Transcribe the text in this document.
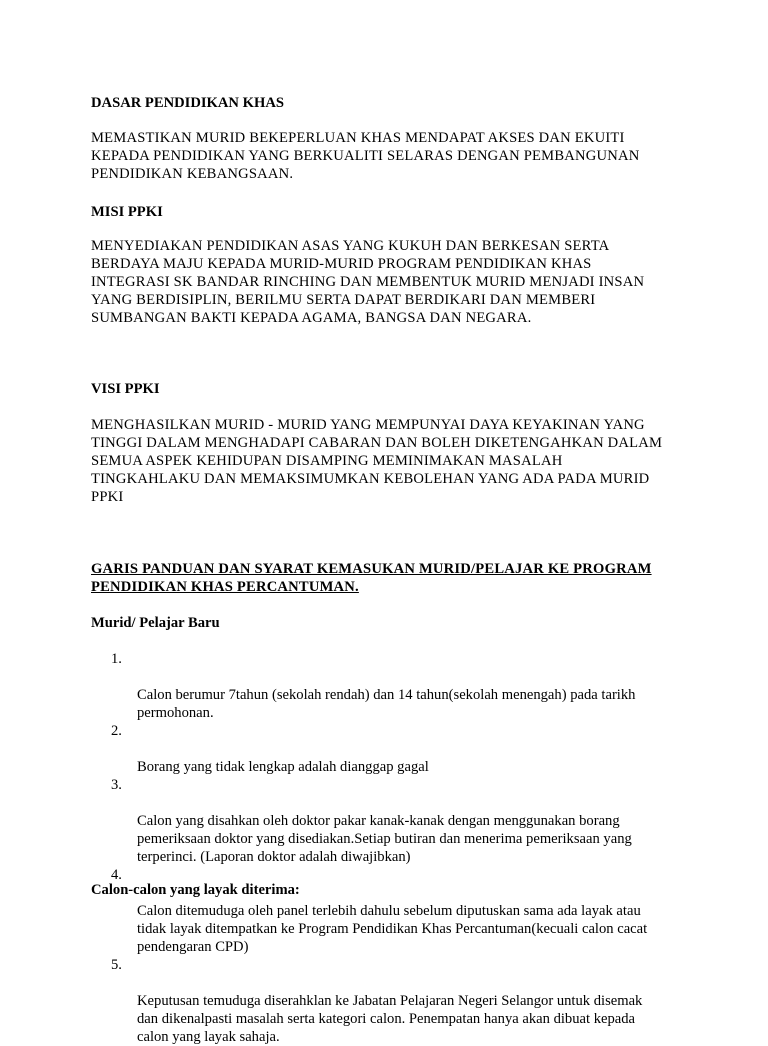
DASAR PENDIDIKAN KHAS
MEMASTIKAN MURID BEKEPERLUAN KHAS MENDAPAT AKSES DAN EKUITI
KEPADA PENDIDIKAN YANG BERKUALITI SELARAS DENGAN PEMBANGUNAN
PENDIDIKAN KEBANGSAAN.
MISI PPKI
MENYEDIAKAN PENDIDIKAN ASAS YANG KUKUH DAN BERKESAN SERTA
BERDAYA MAJU KEPADA MURID-MURID PROGRAM PENDIDIKAN KHAS
INTEGRASI SK BANDAR RINCHING DAN MEMBENTUK MURID MENJADI INSAN
YANG BERDISIPLIN, BERILMU SERTA DAPAT BERDIKARI DAN MEMBERI
SUMBANGAN BAKTI KEPADA AGAMA, BANGSA DAN NEGARA.
VISI PPKI
MENGHASILKAN MURID - MURID YANG MEMPUNYAI DAYA KEYAKINAN YANG
TINGGI DALAM MENGHADAPI CABARAN DAN BOLEH DIKETENGAHKAN DALAM
SEMUA ASPEK KEHIDUPAN DISAMPING MEMINIMAKAN MASALAH
TINGKAHLAKU DAN MEMAKSIMUMKAN KEBOLEHAN YANG ADA PADA MURID
PPKI
GARIS PANDUAN DAN SYARAT KEMASUKAN MURID/PELAJAR KE PROGRAM
PENDIDIKAN KHAS PERCANTUMAN.
Murid/ Pelajar Baru

1.

Calon berumur 7tahun (sekolah rendah) dan 14 tahun(sekolah menengah) pada tarikh
permohonan.

2.

Borang yang tidak lengkap adalah dianggap gagal

3.

Calon yang disahkan oleh doktor pakar kanak-kanak dengan menggunakan borang
pemeriksaan doktor yang disediakan.Setiap butiran dan menerima pemeriksaan yang
terperinci. (Laporan doktor adalah diwajibkan)

4.

Calon ditemuduga oleh panel terlebih dahulu sebelum diputuskan sama ada layak atau
tidak layak ditempatkan ke Program Pendidikan Khas Percantuman(kecuali calon cacat
pendengaran CPD)

5.

Keputusan temuduga diserahklan ke Jabatan Pelajaran Negeri Selangor untuk disemak
dan dikenalpasti masalah serta kategori calon. Penempatan hanya akan dibuat kepada
calon yang layak sahaja.

Calon-calon yang layak diterima:
